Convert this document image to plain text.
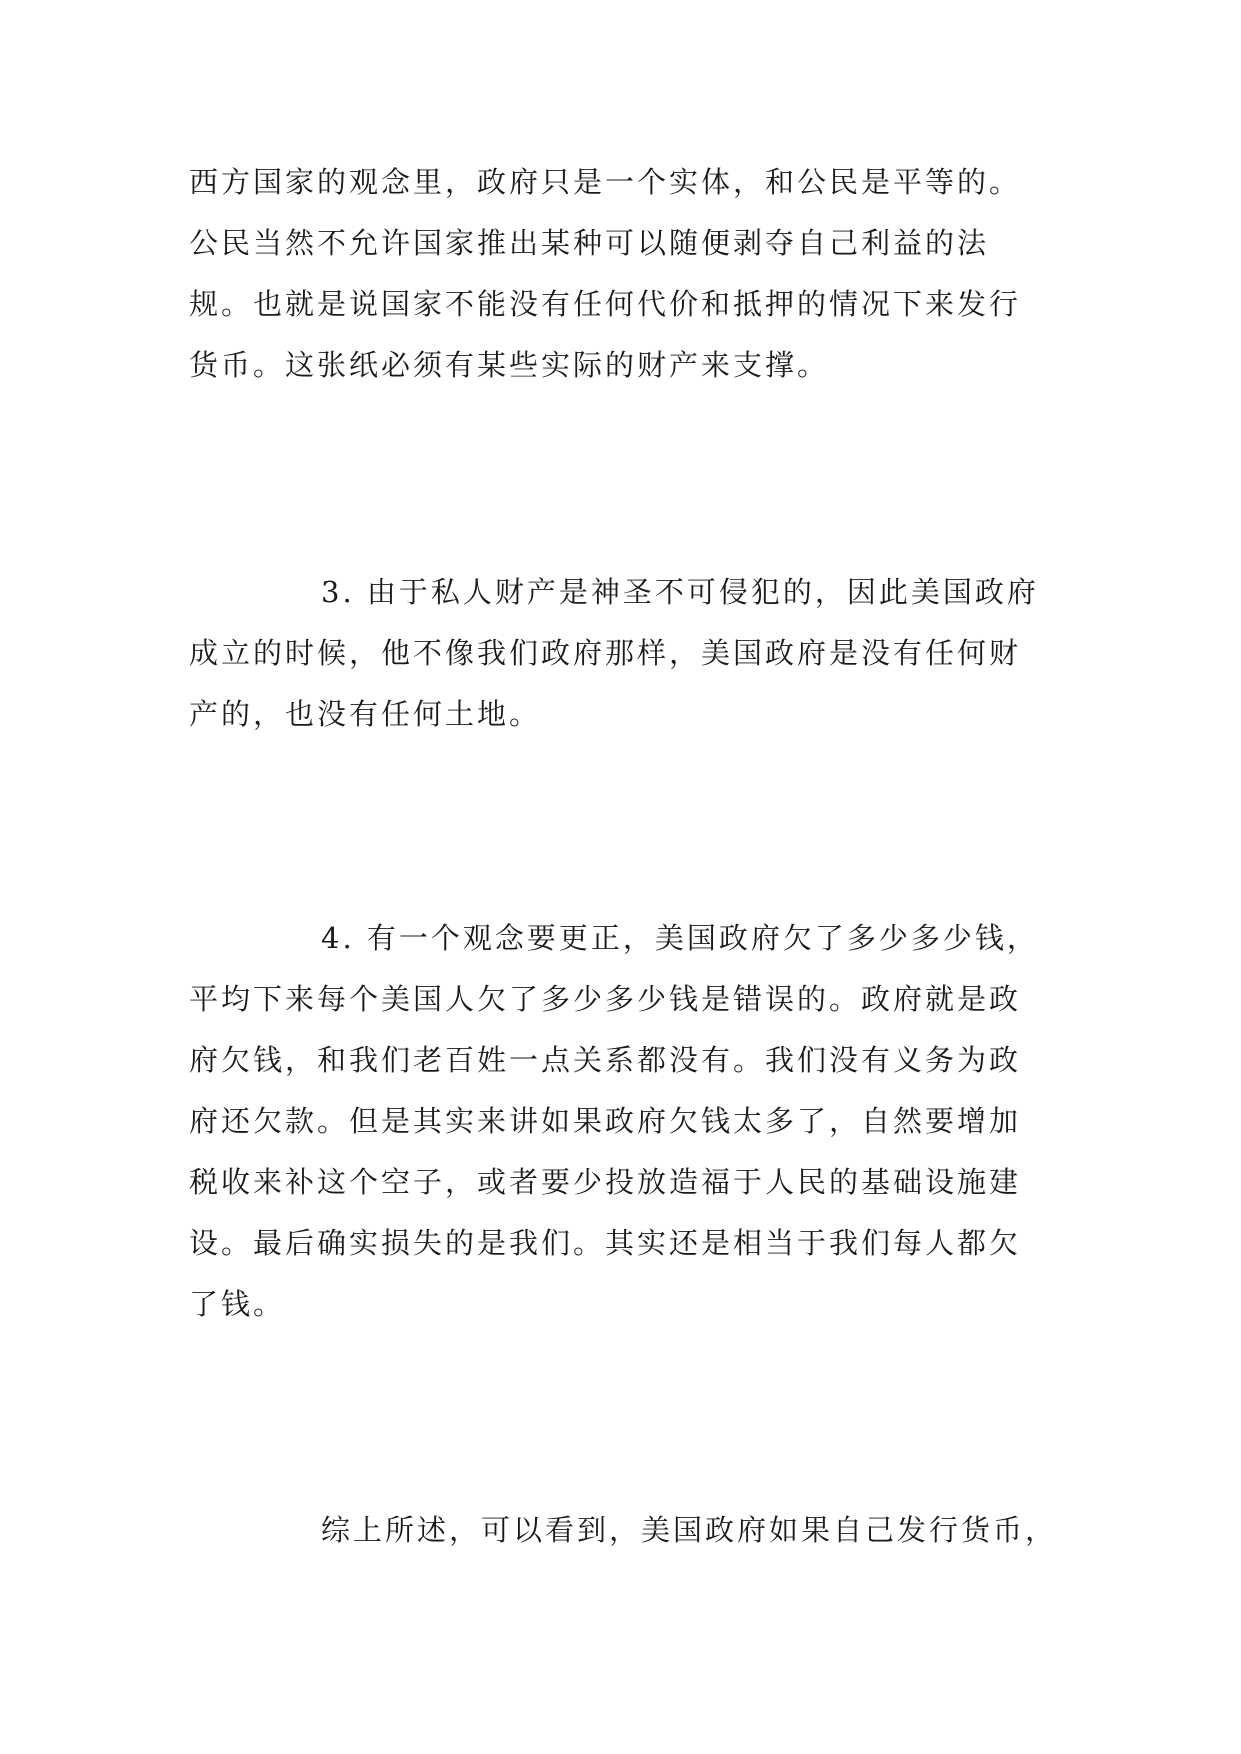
西方国家的观念里，政府只是一个实体，和公民是平等的。
公民当然不允许国家推出某种可以随便剥夺自己利益的法
规。也就是说国家不能没有任何代价和抵押的情况下来发行
货币。这张纸必须有某些实际的财产来支撑。
3. 由于私人财产是神圣不可侵犯的，因此美国政府
成立的时候，他不像我们政府那样，美国政府是没有任何财
产的，也没有任何土地。
4. 有一个观念要更正，美国政府欠了多少多少钱，
平均下来每个美国人欠了多少多少钱是错误的。政府就是政
府欠钱，和我们老百姓一点关系都没有。我们没有义务为政
府还欠款。但是其实来讲如果政府欠钱太多了，自然要增加
税收来补这个空子，或者要少投放造福于人民的基础设施建
设。最后确实损失的是我们。其实还是相当于我们每人都欠
了钱。
综上所述，可以看到，美国政府如果自己发行货币，
